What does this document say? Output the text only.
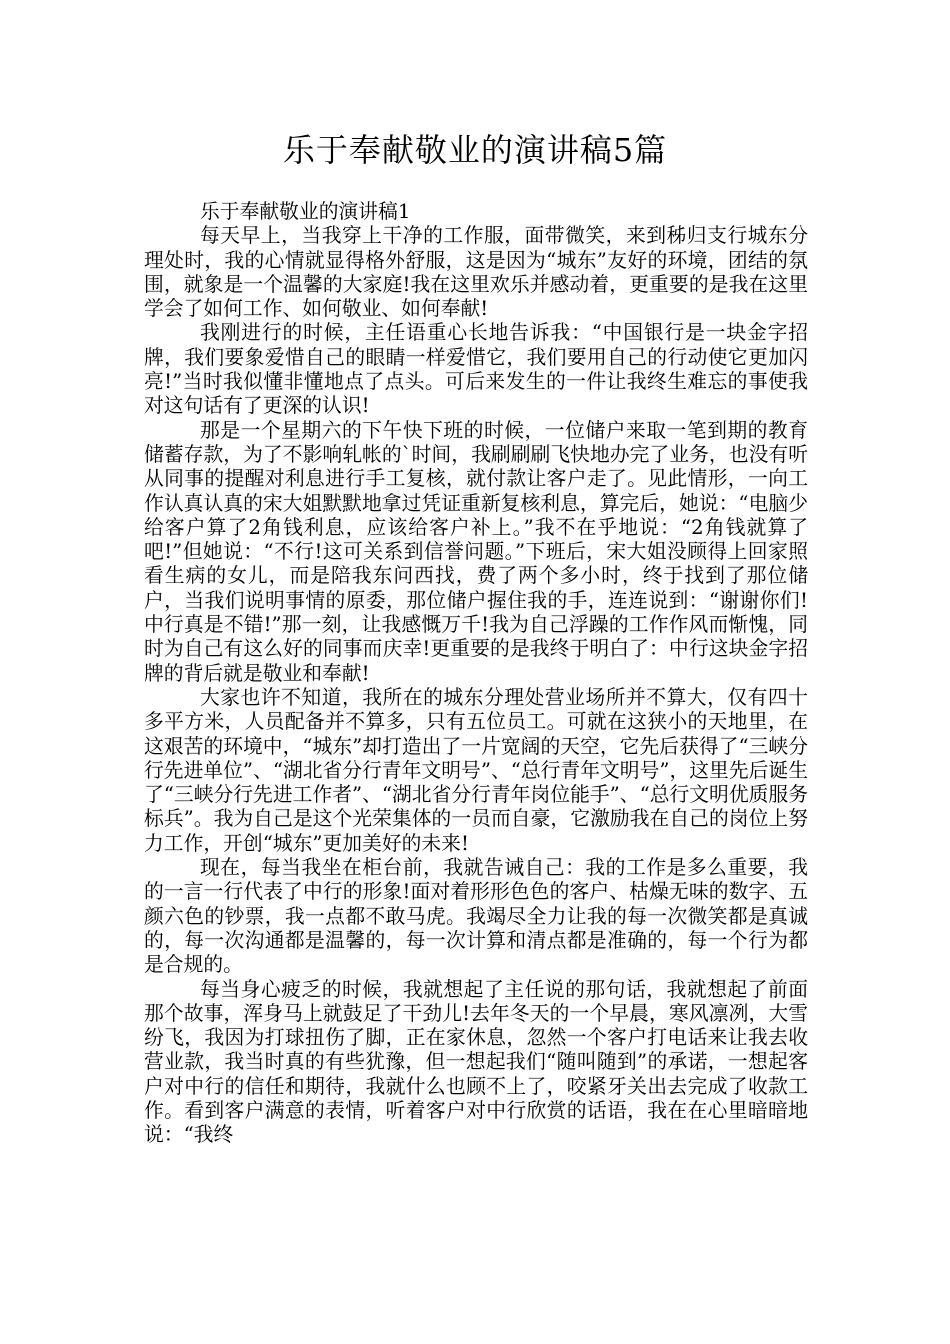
乐于奉献敬业的演讲稿5篇

乐于奉献敬业的演讲稿1

每天早上，当我穿上干净的工作服，面带微笑，来到秭归支行城东分理处时，我的心情就显得格外舒服，这是因为“城东”友好的环境，团结的氛围，就象是一个温馨的大家庭!我在这里欢乐并感动着，更重要的是我在这里学会了如何工作、如何敬业、如何奉献!

我刚进行的时候，主任语重心长地告诉我：“中国银行是一块金字招牌，我们要象爱惜自己的眼睛一样爱惜它，我们要用自己的行动使它更加闪亮!”当时我似懂非懂地点了点头。可后来发生的一件让我终生难忘的事使我对这句话有了更深的认识!

那是一个星期六的下午快下班的时候，一位储户来取一笔到期的教育储蓄存款，为了不影响轧帐的`时间，我刷刷刷飞快地办完了业务，也没有听从同事的提醒对利息进行手工复核，就付款让客户走了。见此情形，一向工作认真认真的宋大姐默默地拿过凭证重新复核利息，算完后，她说：“电脑少给客户算了2角钱利息，应该给客户补上。”我不在乎地说：“2角钱就算了吧!”但她说：“不行!这可关系到信誉问题。”下班后，宋大姐没顾得上回家照看生病的女儿，而是陪我东问西找，费了两个多小时，终于找到了那位储户，当我们说明事情的原委，那位储户握住我的手，连连说到：“谢谢你们!中行真是不错!”那一刻，让我感慨万千!我为自己浮躁的工作作风而惭愧，同时为自己有这么好的同事而庆幸!更重要的是我终于明白了：中行这块金字招牌的背后就是敬业和奉献!

大家也许不知道，我所在的城东分理处营业场所并不算大，仅有四十多平方米，人员配备并不算多，只有五位员工。可就在这狭小的天地里，在这艰苦的环境中，“城东”却打造出了一片宽阔的天空，它先后获得了“三峡分行先进单位”、“湖北省分行青年文明号”、“总行青年文明号”，这里先后诞生了“三峡分行先进工作者”、“湖北省分行青年岗位能手”、“总行文明优质服务标兵”。我为自己是这个光荣集体的一员而自豪，它激励我在自己的岗位上努力工作，开创“城东”更加美好的未来!

现在，每当我坐在柜台前，我就告诫自己：我的工作是多么重要，我的一言一行代表了中行的形象!面对着形形色色的客户、枯燥无味的数字、五颜六色的钞票，我一点都不敢马虎。我竭尽全力让我的每一次微笑都是真诚的，每一次沟通都是温馨的，每一次计算和清点都是准确的，每一个行为都是合规的。

每当身心疲乏的时候，我就想起了主任说的那句话，我就想起了前面那个故事，浑身马上就鼓足了干劲儿!去年冬天的一个早晨，寒风凛冽，大雪纷飞，我因为打球扭伤了脚，正在家休息，忽然一个客户打电话来让我去收营业款，我当时真的有些犹豫，但一想起我们“随叫随到”的承诺，一想起客户对中行的信任和期待，我就什么也顾不上了，咬紧牙关出去完成了收款工作。看到客户满意的表情，听着客户对中行欣赏的话语，我在在心里暗暗地说：“我终
